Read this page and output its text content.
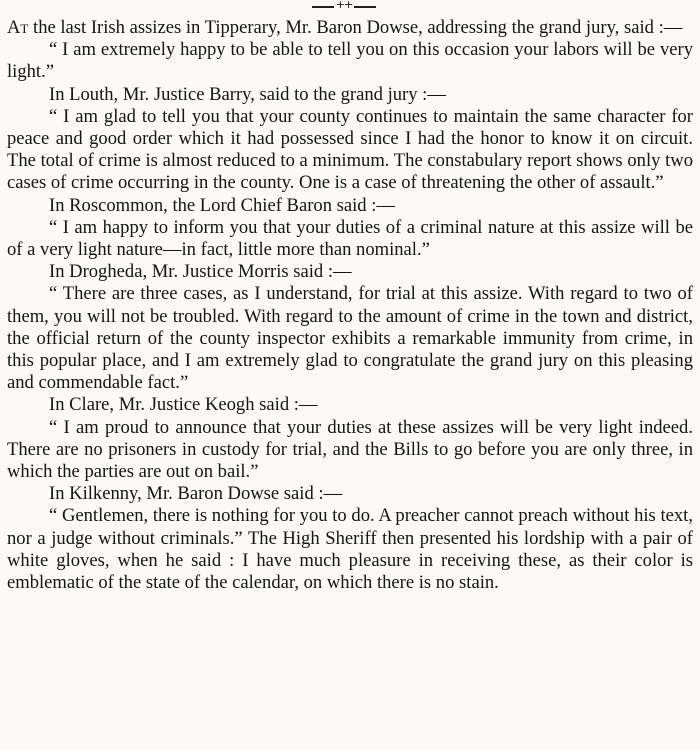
++

At the last Irish assizes in Tipperary, Mr. Baron Dowse, addressing the grand jury, said :—

“ I am extremely happy to be able to tell you on this occasion your labors will be very light.”

In Louth, Mr. Justice Barry, said to the grand jury :—

“ I am glad to tell you that your county continues to maintain the same character for peace and good order which it had possessed since I had the honor to know it on circuit. The total of crime is almost reduced to a minimum. The constabulary report shows only two cases of crime occurring in the county. One is a case of threatening the other of assault.”

In Roscommon, the Lord Chief Baron said :—

“ I am happy to inform you that your duties of a criminal nature at this assize will be of a very light nature—in fact, little more than nominal.”

In Drogheda, Mr. Justice Morris said :—

“ There are three cases, as I understand, for trial at this assize. With regard to two of them, you will not be troubled. With regard to the amount of crime in the town and district, the official return of the county inspector exhibits a remarkable immunity from crime, in this popular place, and I am extremely glad to congratulate the grand jury on this pleasing and commendable fact.”

In Clare, Mr. Justice Keogh said :—

“ I am proud to announce that your duties at these assizes will be very light indeed. There are no prisoners in custody for trial, and the Bills to go before you are only three, in which the parties are out on bail.”

In Kilkenny, Mr. Baron Dowse said :—

“ Gentlemen, there is nothing for you to do. A preacher cannot preach without his text, nor a judge without criminals.” The High Sheriff then presented his lordship with a pair of white gloves, when he said : I have much pleasure in receiving these, as their color is emblematic of the state of the calendar, on which there is no stain.
